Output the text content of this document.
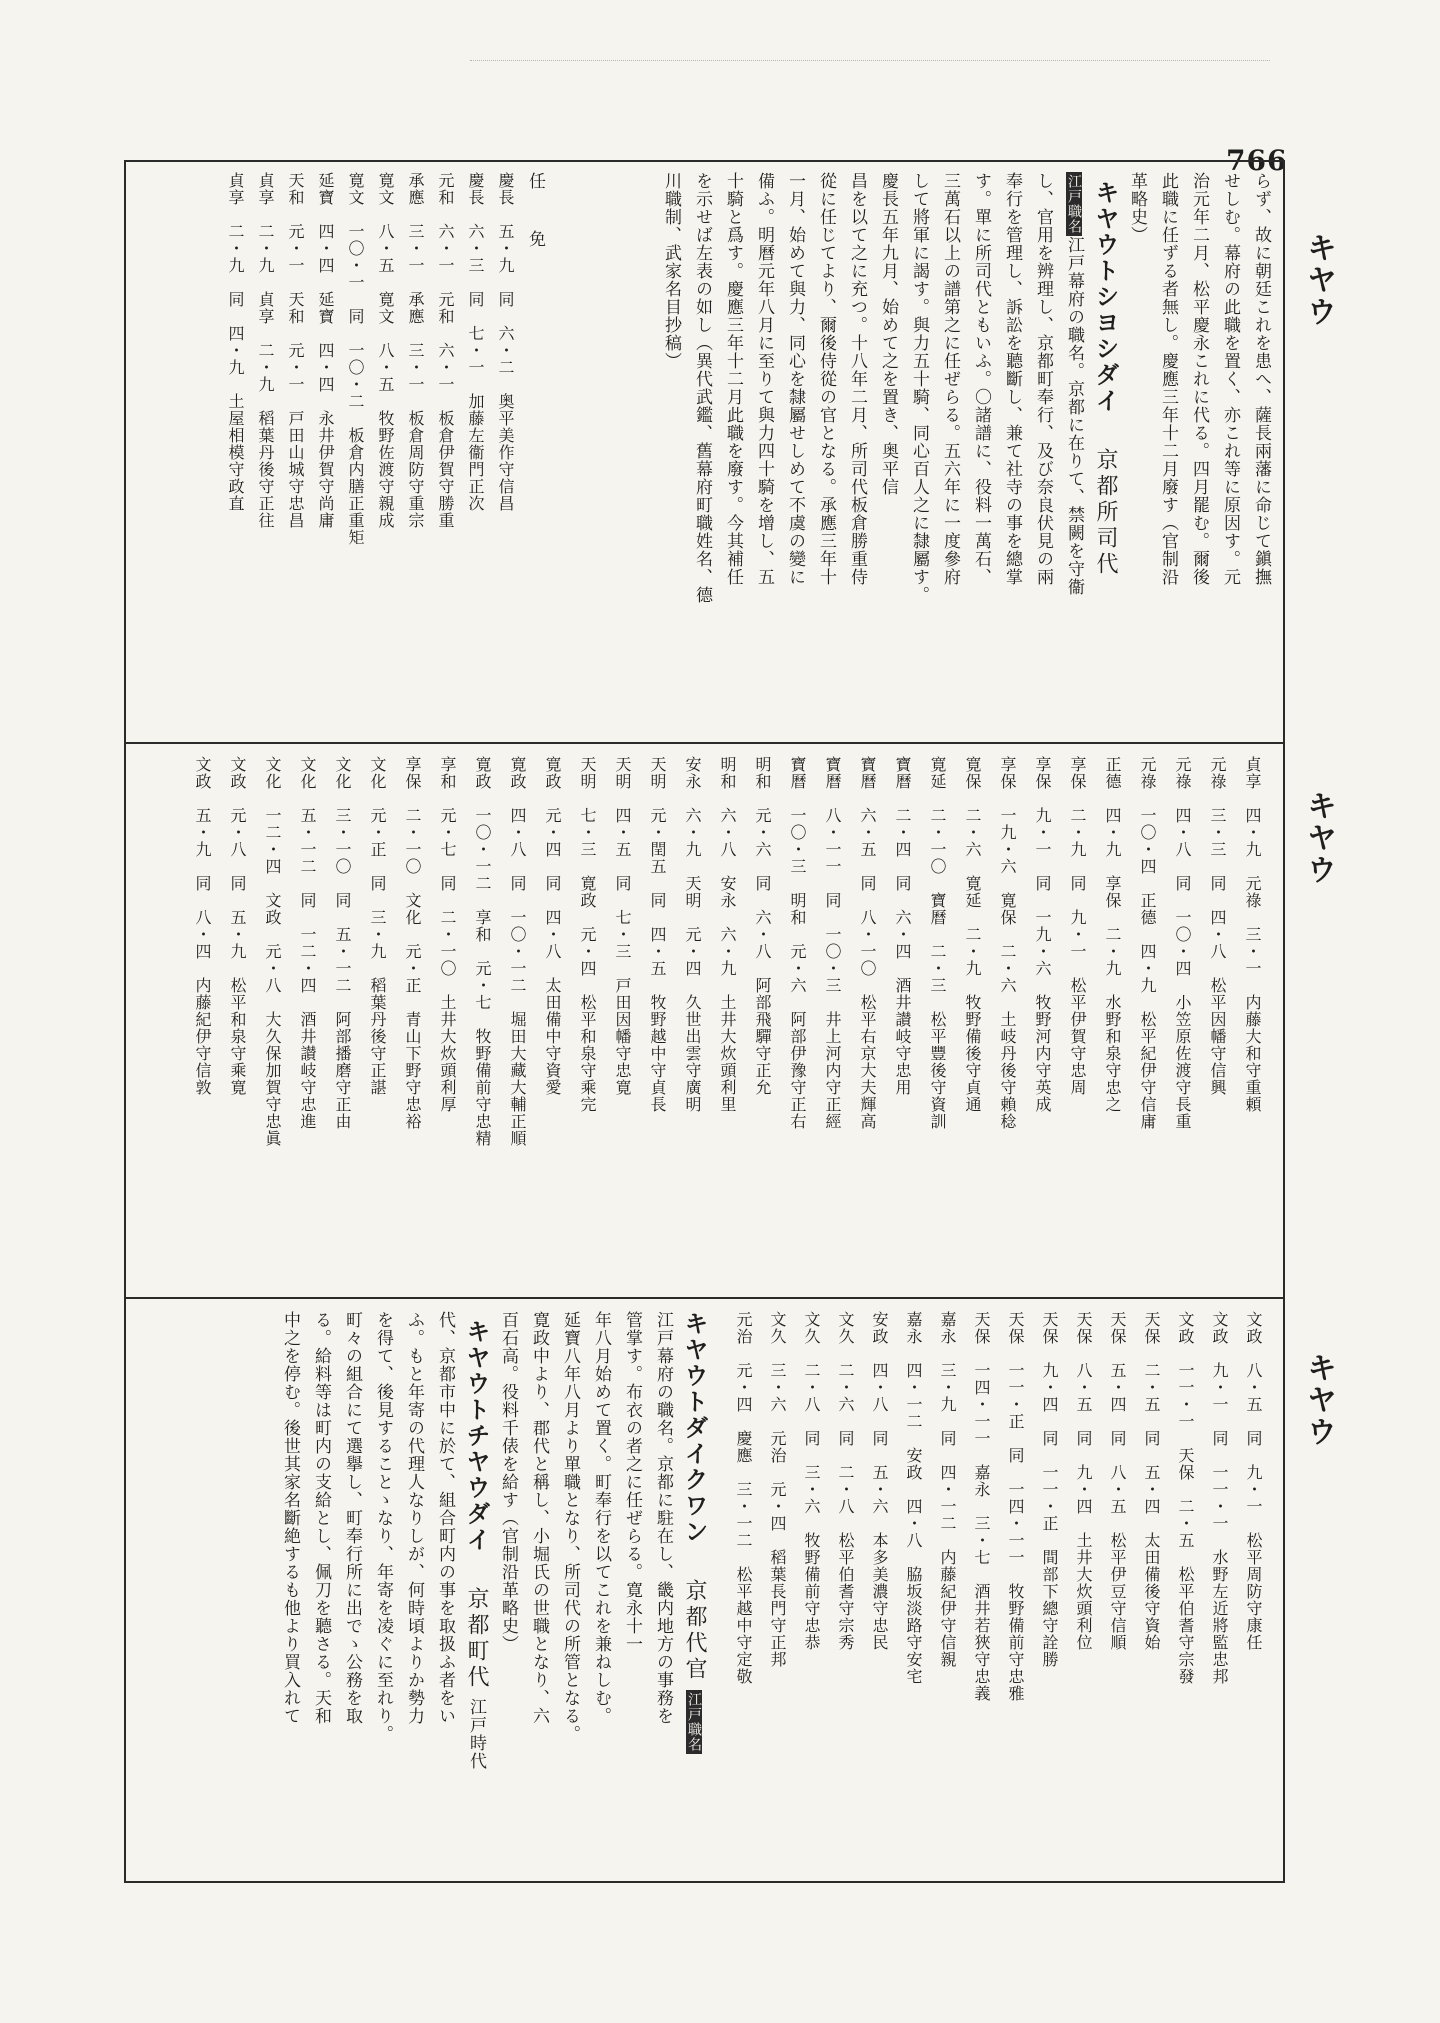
766
キヤウ
キヤウ
キヤウ

らず、故に朝廷これを患へ、薩長兩藩に命じて鎭撫

せしむ。幕府の此職を置く、亦これ等に原因す。元

治元年二月、松平慶永これに代る。四月罷む。爾後

此職に任ずる者無し。慶應三年十二月廢す（官制沿

革略史）

キヤウトシヨシダイ 京都所司代

江戸職名江戸幕府の職名。京都に在りて、禁闕を守衞

し、官用を辨理し、京都町奉行、及び奈良伏見の兩

奉行を管理し、訴訟を聽斷し、兼て社寺の事を總掌

す。單に所司代ともいふ。〇諸譜に、役料一萬石、

三萬石以上の譜第之に任ぜらる。五六年に一度參府

して將軍に謁す。與力五十騎、同心百人之に隸屬す。

慶長五年九月、始めて之を置き、奥平信

昌を以て之に充つ。十八年二月、所司代板倉勝重侍

從に任じてより、爾後侍從の官となる。承應三年十

一月、始めて與力、同心を隸屬せしめて不虞の變に

備ふ。明曆元年八月に至りて與力四十騎を增し、五

十騎と爲す。慶應三年十二月此職を廢す。今其補任

を示せば左表の如し（異代武鑑、舊幕府町職姓名、德

川職制、武家名目抄稿）

任　免
慶長　五・九　同　六・二　奥平美作守信昌
慶長　六・三　同　七・一　加藤左衞門正次
元和　六・一　元和　六・一　板倉伊賀守勝重
承應　三・一　承應　三・一　板倉周防守重宗
寛文　八・五　寛文　八・五　牧野佐渡守親成
寛文　一〇・一　同　一〇・二　板倉内膳正重矩
延寶　四・四　延寶　四・四　永井伊賀守尚庸
天和　元・一　天和　元・一　戸田山城守忠昌
貞享　二・九　貞享　二・九　稻葉丹後守正往
貞享　二・九　同　四・九　土屋相模守政直
貞享　四・九　元祿　三・一　内藤大和守重頼
元祿　三・三　同　四・八　松平因幡守信興
元祿　四・八　同　一〇・四　小笠原佐渡守長重
元祿　一〇・四　正德　四・九　松平紀伊守信庸
正德　四・九　享保　二・九　水野和泉守忠之
享保　二・九　同　九・一　松平伊賀守忠周
享保　九・一　同　一九・六　牧野河内守英成
享保　一九・六　寛保　二・六　土岐丹後守賴稔
寛保　二・六　寛延　二・九　牧野備後守貞通
寛延　二・一〇　寶曆　二・三　松平豐後守資訓
寶曆　二・四　同　六・四　酒井讃岐守忠用
寶曆　六・五　同　八・一〇　松平右京大夫輝高
寶曆　八・一一　同　一〇・三　井上河内守正經
寶曆　一〇・三　明和　元・六　阿部伊豫守正右
明和　元・六　同　六・八　阿部飛驒守正允
明和　六・八　安永　六・九　土井大炊頭利里
安永　六・九　天明　元・四　久世出雲守廣明
天明　元・閏五　同　四・五　牧野越中守貞長
天明　四・五　同　七・三　戸田因幡守忠寛
天明　七・三　寛政　元・四　松平和泉守乘完
寛政　元・四　同　四・八　太田備中守資愛
寛政　四・八　同　一〇・一二　堀田大藏大輔正順
寛政　一〇・一二　享和　元・七　牧野備前守忠精
享和　元・七　同　二・一〇　土井大炊頭利厚
享保　二・一〇　文化　元・正　青山下野守忠裕
文化　元・正　同　三・九　稻葉丹後守正諶
文化　三・一〇　同　五・一二　阿部播磨守正由
文化　五・一二　同　一二・四　酒井讃岐守忠進
文化　一二・四　文政　元・八　大久保加賀守忠眞
文政　元・八　同　五・九　松平和泉守乘寛
文政　五・九　同　八・四　内藤紀伊守信敦
文政　八・五　同　九・一　松平周防守康任
文政　九・一　同　一一・一　水野左近將監忠邦
文政　一一・一　天保　二・五　松平伯耆守宗發
天保　二・五　同　五・四　太田備後守資始
天保　五・四　同　八・五　松平伊豆守信順
天保　八・五　同　九・四　土井大炊頭利位
天保　九・四　同　一一・正　間部下總守詮勝
天保　一一・正　同　一四・一一　牧野備前守忠雅
天保　一四・一一　嘉永　三・七　酒井若狹守忠義
嘉永　三・九　同　四・一二　内藤紀伊守信親
嘉永　四・一二　安政　四・八　脇坂淡路守安宅
安政　四・八　同　五・六　本多美濃守忠民
文久　二・六　同　二・八　松平伯耆守宗秀
文久　二・八　同　三・六　牧野備前守忠恭
文久　三・六　元治　元・四　稻葉長門守正邦
元治　元・四　慶應　三・一二　松平越中守定敬

キヤウトダイクワン 京都代官 江戸職名

江戸幕府の職名。京都に駐在し、畿内地方の事務を

管掌す。布衣の者之に任ぜらる。寛永十一

年八月始めて置く。町奉行を以てこれを兼ねしむ。

延寶八年八月より單職となり、所司代の所管となる。

寛政中より、郡代と稱し、小堀氏の世職となり、六

百石高。役料千俵を給す（官制沿革略史）

キヤウトチヤウダイ 京都町代 江戸時代

代、京都市中に於て、組合町内の事を取扱ふ者をい

ふ。もと年寄の代理人なりしが、何時頃よりか勢力

を得て、後見することゝなり、年寄を凌ぐに至れり。

町々の組合にて選擧し、町奉行所に出でゝ公務を取

る。給料等は町内の支給とし、佩刀を聽さる。天和

中之を停む。後世其家名斷絶するも他より買入れて
